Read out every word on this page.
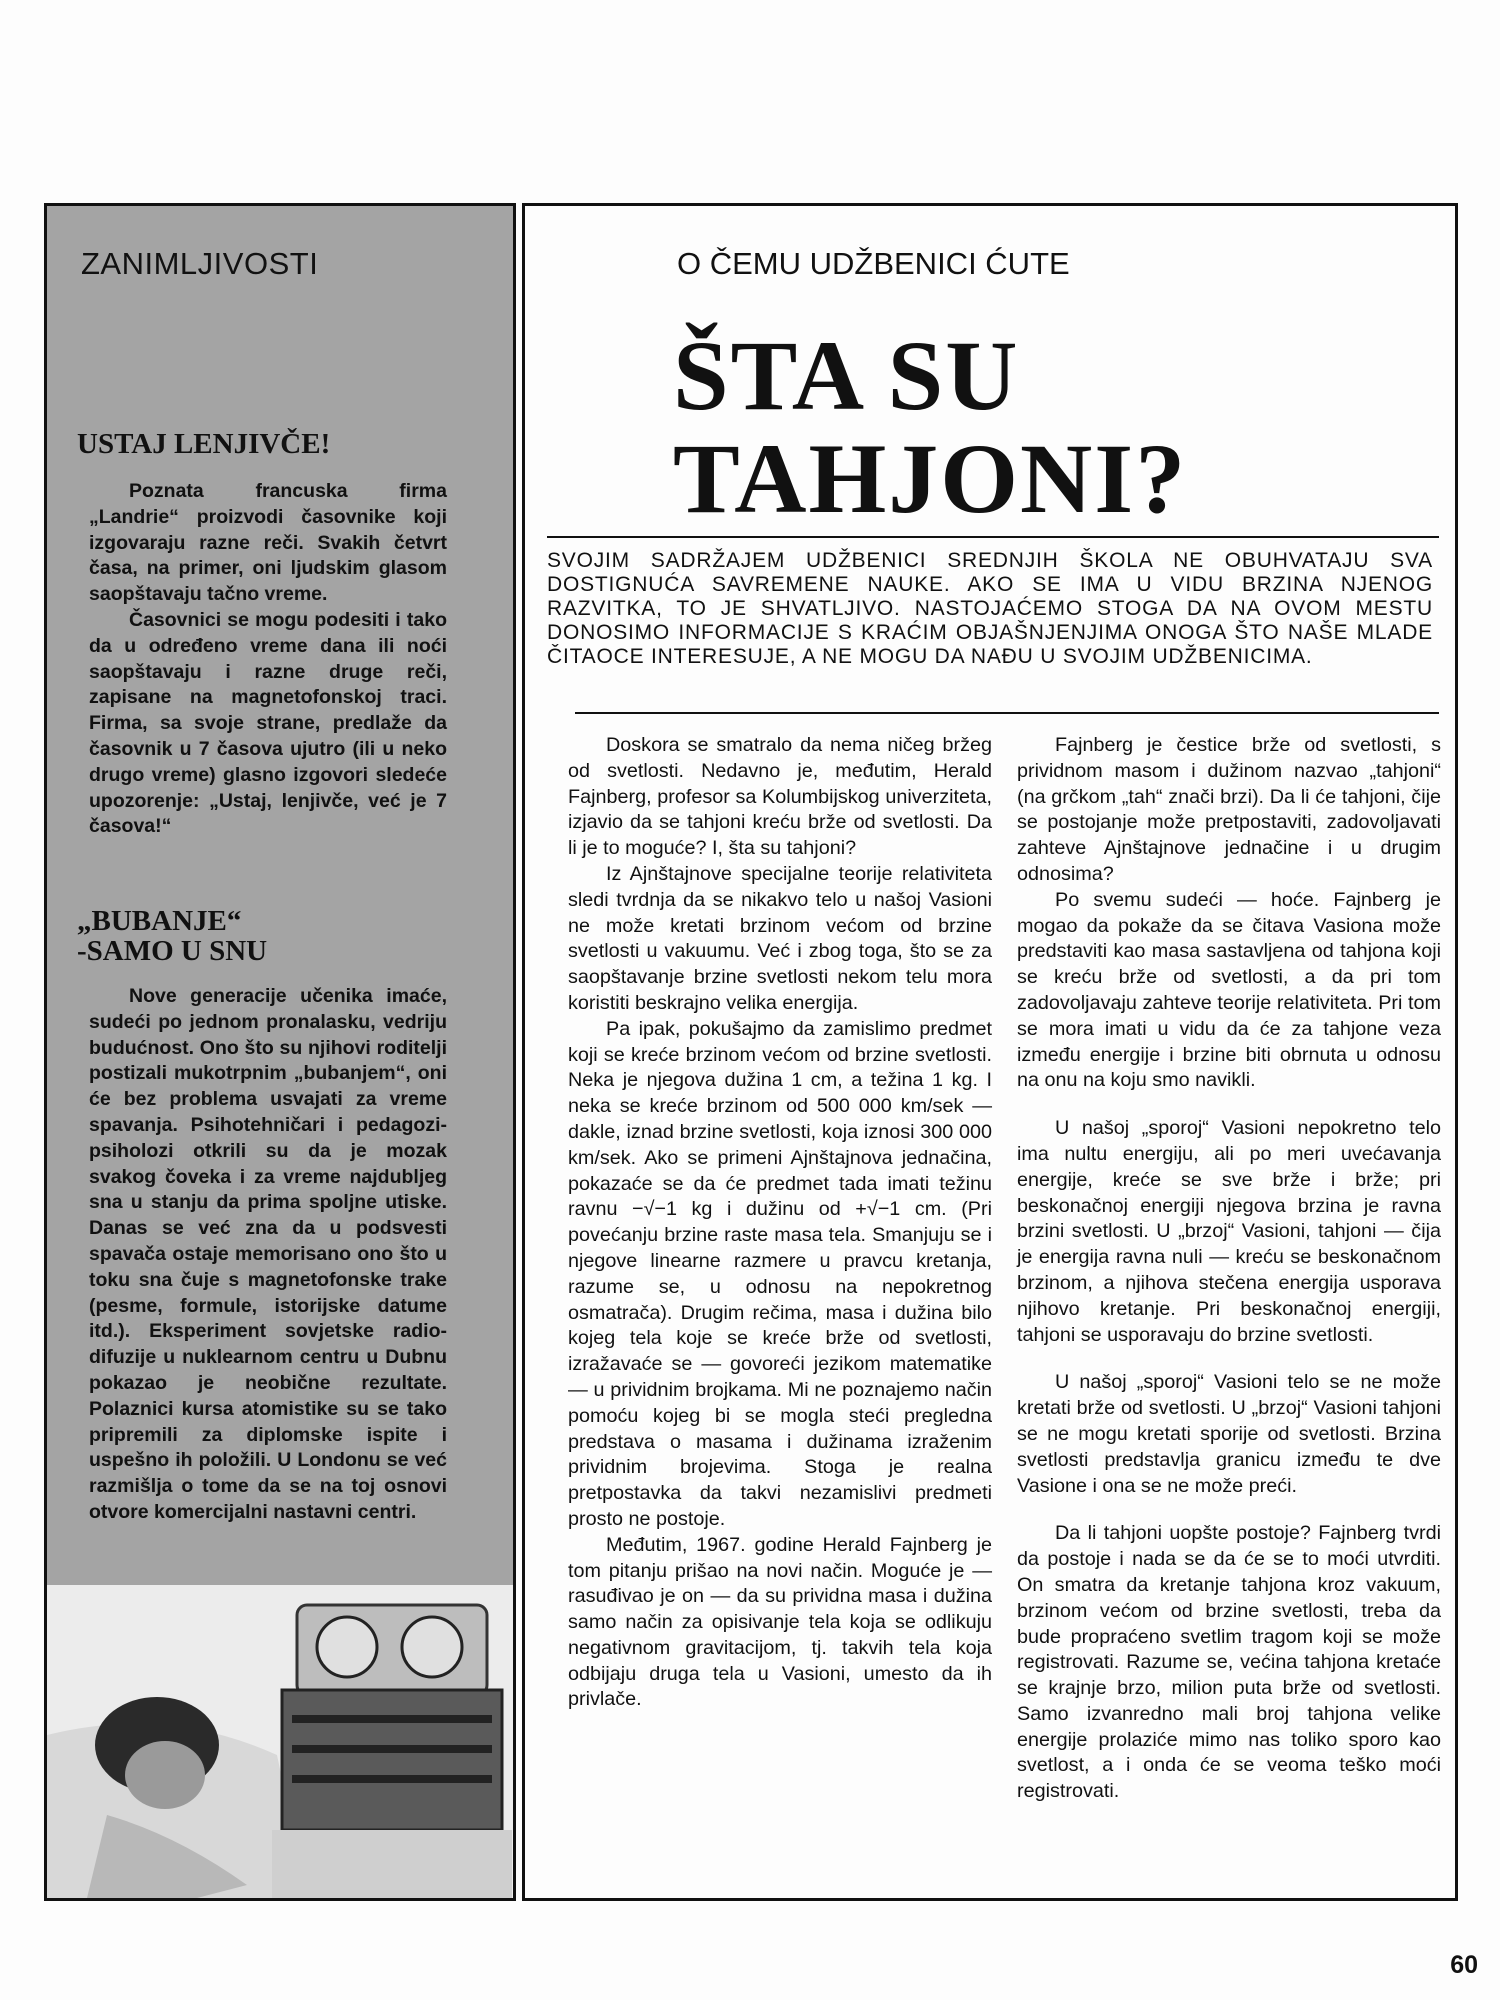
ZANIMLJIVOSTI
USTAJ LENJIVČE!

Poznata francuska firma „Landrie“ proizvodi časovnike koji izgovaraju razne reči. Svakih četvrt časa, na primer, oni ljudskim glasom saopštavaju tačno vreme.

Časovnici se mogu podesiti i tako da u određeno vreme dana ili noći saopštavaju i razne druge reči, zapisane na magnetofonskoj traci. Firma, sa svoje strane, predlaže da časovnik u 7 časova ujutro (ili u neko drugo vreme) glasno izgovori sledeće upozorenje: „Ustaj, lenjivče, već je 7 časova!“

„BUBANJE“
-SAMO U SNU

Nove generacije učenika imaće, sudeći po jednom pronalasku, vedriju budućnost. Ono što su njihovi roditelji postizali mukotrpnim „bubanjem“, oni će bez problema usvajati za vreme spavanja. Psihotehničari i pedagozi-psiholozi otkrili su da je mozak svakog čoveka i za vreme najdubljeg sna u stanju da prima spoljne utiske. Danas se već zna da u podsvesti spavača ostaje memorisano ono što u toku sna čuje s magnetofonske trake (pesme, formule, istorijske datume itd.). Eksperiment sovjetske radio-difuzije u nuklearnom centru u Dubnu pokazao je neobične rezultate. Polaznici kursa atomistike su se tako pripremili za diplomske ispite i uspešno ih položili. U Londonu se već razmišlja o tome da se na toj osnovi otvore komercijalni nastavni centri.

O ČEMU UDŽBENICI ĆUTE
ŠTA SU
TAHJONI?
SVOJIM SADRŽAJEM UDŽBENICI SREDNJIH ŠKOLA NE OBUHVATAJU SVA DOSTIGNUĆA SAVREMENE NAUKE. AKO SE IMA U VIDU BRZINA NJENOG RAZVITKA, TO JE SHVATLJIVO. NASTOJAĆEMO STOGA DA NA OVOM MESTU DONOSIMO INFORMACIJE S KRAĆIM OBJAŠNJENJIMA ONOGA ŠTO NAŠE MLADE ČITAOCE INTERESUJE, A NE MOGU DA NAĐU U SVOJIM UDŽBENICIMA.

Doskora se smatralo da nema ničeg bržeg od svetlosti. Nedavno je, međutim, Herald Fajnberg, profesor sa Kolumbijskog univerziteta, izjavio da se tahjoni kreću brže od svetlosti. Da li je to moguće? I, šta su tahjoni?

Iz Ajnštajnove specijalne teorije relativiteta sledi tvrdnja da se nikakvo telo u našoj Vasioni ne može kretati brzinom većom od brzine svetlosti u vakuumu. Već i zbog toga, što se za saopštavanje brzine svetlosti nekom telu mora koristiti beskrajno velika energija.

Pa ipak, pokušajmo da zamislimo predmet koji se kreće brzinom većom od brzine svetlosti. Neka je njegova dužina 1 cm, a težina 1 kg. I neka se kreće brzinom od 500 000 km/sek — dakle, iznad brzine svetlosti, koja iznosi 300 000 km/sek. Ako se primeni Ajnštajnova jednačina, pokazaće se da će predmet tada imati težinu ravnu −√−1 kg i dužinu od +√−1 cm. (Pri povećanju brzine raste masa tela. Smanjuju se i njegove linearne razmere u pravcu kretanja, razume se, u odnosu na nepokretnog osmatrača). Drugim rečima, masa i dužina bilo kojeg tela koje se kreće brže od svetlosti, izražavaće se — govoreći jezikom matematike — u prividnim brojkama. Mi ne poznajemo način pomoću kojeg bi se mogla steći pregledna predstava o masama i dužinama izraženim prividnim brojevima. Stoga je realna pretpostavka da takvi nezamislivi predmeti prosto ne postoje.

Međutim, 1967. godine Herald Fajnberg je tom pitanju prišao na novi način. Moguće je — rasuđivao je on — da su prividna masa i dužina samo način za opisivanje tela koja se odlikuju negativnom gravitacijom, tj. takvih tela koja odbijaju druga tela u Vasioni, umesto da ih privlače.

Fajnberg je čestice brže od svetlosti, s prividnom masom i dužinom nazvao „tahjoni“ (na grčkom „tah“ znači brzi). Da li će tahjoni, čije se postojanje može pretpostaviti, zadovoljavati zahteve Ajnštajnove jednačine i u drugim odnosima?

Po svemu sudeći — hoće. Fajnberg je mogao da pokaže da se čitava Vasiona može predstaviti kao masa sastavljena od tahjona koji se kreću brže od svetlosti, a da pri tom zadovoljavaju zahteve teorije relativiteta. Pri tom se mora imati u vidu da će za tahjone veza između energije i brzine biti obrnuta u odnosu na onu na koju smo navikli.

U našoj „sporoj“ Vasioni nepokretno telo ima nultu energiju, ali po meri uvećavanja energije, kreće se sve brže i brže; pri beskonačnoj energiji njegova brzina je ravna brzini svetlosti. U „brzoj“ Vasioni, tahjoni — čija je energija ravna nuli — kreću se beskonačnom brzinom, a njihova stečena energija usporava njihovo kretanje. Pri beskonačnoj energiji, tahjoni se usporavaju do brzine svetlosti.

U našoj „sporoj“ Vasioni telo se ne može kretati brže od svetlosti. U „brzoj“ Vasioni tahjoni se ne mogu kretati sporije od svetlosti. Brzina svetlosti predstavlja granicu između te dve Vasione i ona se ne može preći.

Da li tahjoni uopšte postoje? Fajnberg tvrdi da postoje i nada se da će se to moći utvrditi. On smatra da kretanje tahjona kroz vakuum, brzinom većom od brzine svetlosti, treba da bude propraćeno svetlim tragom koji se može registrovati. Razume se, većina tahjona kretaće se krajnje brzo, milion puta brže od svetlosti. Samo izvanredno mali broj tahjona velike energije prolaziće mimo nas toliko sporo kao svetlost, a i onda će se veoma teško moći registrovati.

60
